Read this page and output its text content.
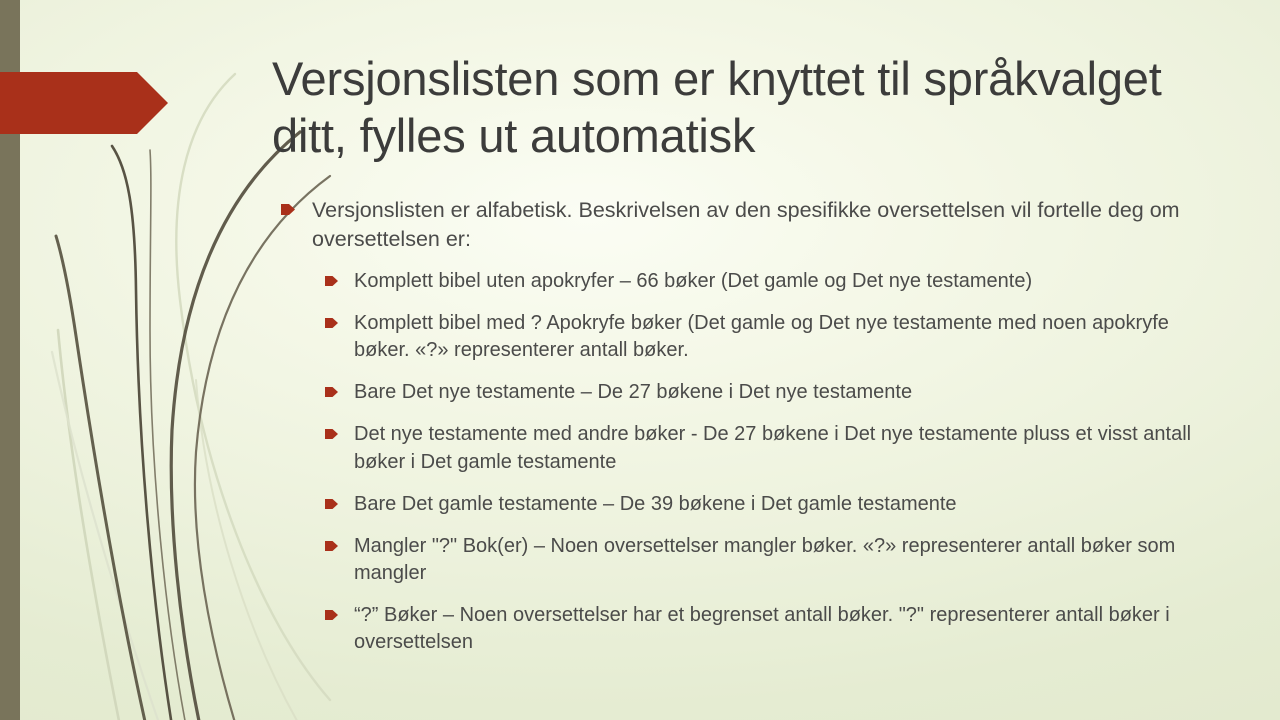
Versjonslisten som er knyttet til språkvalget ditt, fylles ut automatisk
Versjonslisten er alfabetisk. Beskrivelsen av den spesifikke oversettelsen vil fortelle deg om oversettelsen er:
Komplett bibel uten apokryfer – 66 bøker (Det gamle og Det nye testamente)
Komplett bibel med ? Apokryfe bøker (Det gamle og Det nye testamente med noen apokryfe bøker. «?» representerer antall bøker.
Bare Det nye testamente – De 27 bøkene i Det nye testamente
Det nye testamente med andre bøker - De 27 bøkene i Det nye testamente pluss et visst antall bøker i Det gamle testamente
Bare Det gamle testamente – De 39 bøkene i Det gamle testamente
Mangler "?" Bok(er) – Noen oversettelser mangler bøker. «?» representerer antall bøker som mangler
“?” Bøker – Noen oversettelser har et begrenset antall bøker. "?" representerer antall bøker i oversettelsen
